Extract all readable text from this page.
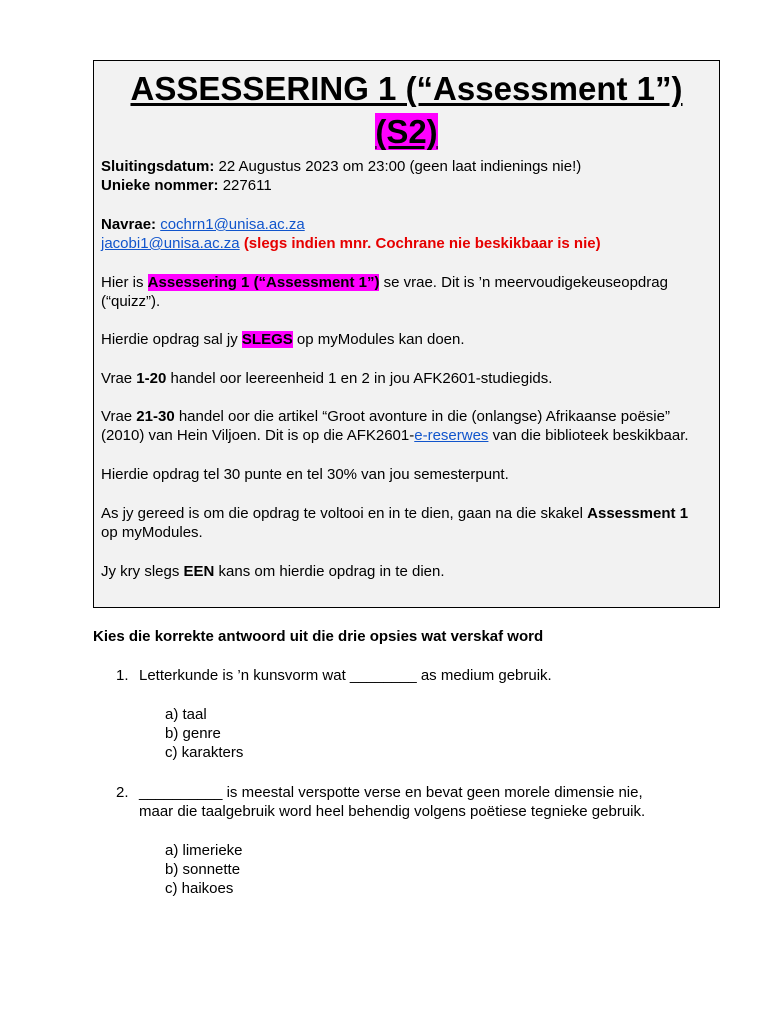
ASSESSERING 1 (“Assessment 1”)
(S2)
Sluitingsdatum: 22 Augustus 2023 om 23:00 (geen laat indienings nie!)
Unieke nommer: 227611
Navrae: cochrn1@unisa.ac.za
jacobi1@unisa.ac.za (slegs indien mnr. Cochrane nie beskikbaar is nie)
Hier is Assessering 1 (“Assessment 1”) se vrae. Dit is ’n meervoudigekeuseopdrag
(“quizz”).
Hierdie opdrag sal jy SLEGS op myModules kan doen.
Vrae 1-20 handel oor leereenheid 1 en 2 in jou AFK2601-studiegids.
Vrae 21-30 handel oor die artikel “Groot avonture in die (onlangse) Afrikaanse poësie”
(2010) van Hein Viljoen. Dit is op die AFK2601-e-reserwes van die biblioteek beskikbaar.
Hierdie opdrag tel 30 punte en tel 30% van jou semesterpunt.
As jy gereed is om die opdrag te voltooi en in te dien, gaan na die skakel Assessment 1
op myModules.
Jy kry slegs EEN kans om hierdie opdrag in te dien.
Kies die korrekte antwoord uit die drie opsies wat verskaf word
1. Letterkunde is ’n kunsvorm wat ________ as medium gebruik.
a) taal
b) genre
c) karakters
2. __________ is meestal verspotte verse en bevat geen morele dimensie nie,
maar die taalgebruik word heel behendig volgens poëtiese tegnieke gebruik.
a) limerieke
b) sonnette
c) haikoes
